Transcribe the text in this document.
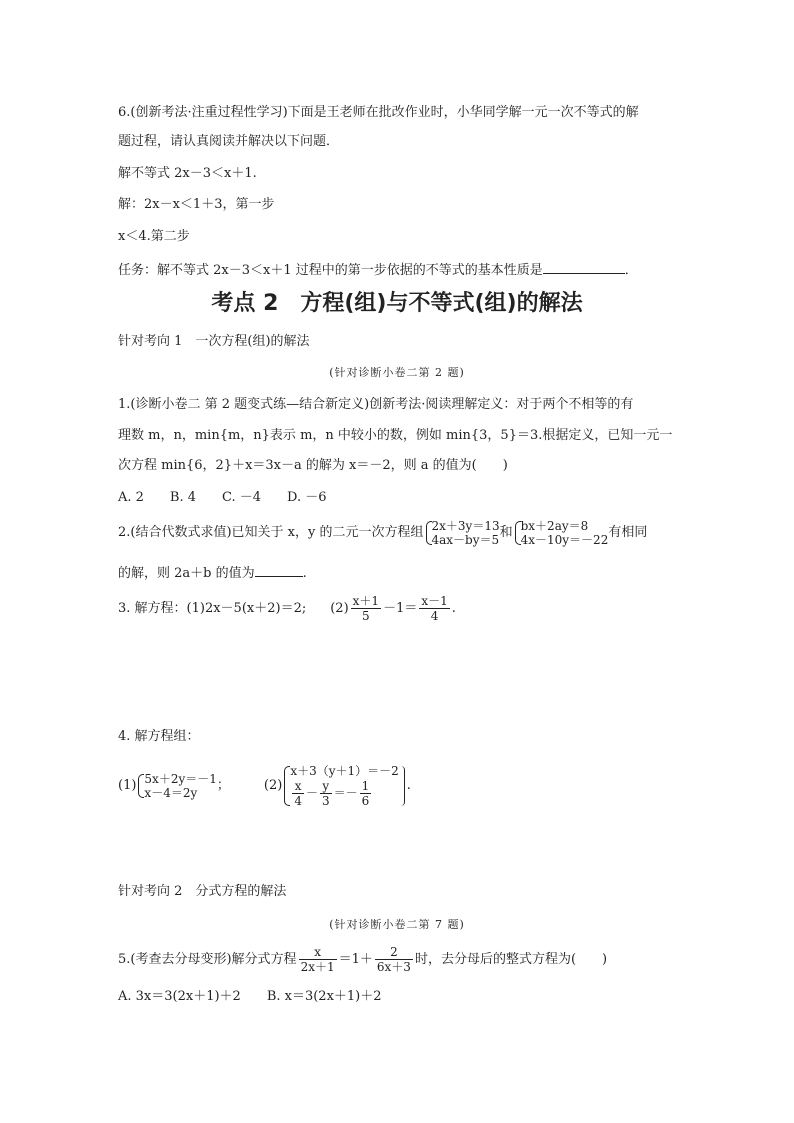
6.(创新考法·注重过程性学习)下面是王老师在批改作业时，小华同学解一元一次不等式的解
题过程，请认真阅读并解决以下问题．
解不等式 2x－3＜x＋1.
解：2x－x＜1＋3，第一步
x＜4.第二步
任务：解不等式 2x－3＜x＋1 过程中的第一步依据的不等式的基本性质是	．
考点 2　方程(组)与不等式(组)的解法
针对考向 1　一次方程(组)的解法
(针对诊断小卷二第 2 题)
1.(诊断小卷二 第 2 题变式练—结合新定义)创新考法·阅读理解定义：对于两个不相等的有
理数 m，n，min{m，n}表示 m，n 中较小的数，例如 min{3，5}＝3.根据定义，已知一元一
次方程 min{6，2}＋x＝3x－a 的解为 x＝－2，则 a 的值为(　　)
A. 2　　B. 4　　C. －4　　D. －6
2.(结合代数式求值)已知关于 x，y 的二元一次方程组 2x＋3y＝13
4ax－by＝5 和 bx＋2ay＝8
4x－10y＝－22 有相同
的解，则 2a＋b 的值为	.
3. 解方程：(1)2x－5(x＋2)＝2; $(2) \frac{x+1}{5} -1= \frac{x-1}{4}$ .
4. 解方程组：
(1) 5x＋2y＝－1
x－4＝2y	；	(2)
x＋3（y＋1）＝－2
$\frac{x}{4} - \frac{y}{3} =- \frac{1}{6}$	.
针对考向 2　分式方程的解法
(针对诊断小卷二第 7 题)
5.(考查去分母变形)解分式方程 $\frac{x}{2x+1} =1+ \frac{2}{6x+3}$ 时，去分母后的整式方程为(　　)
A. 3x＝3(2x＋1)＋2　　B. x＝3(2x＋1)＋2
